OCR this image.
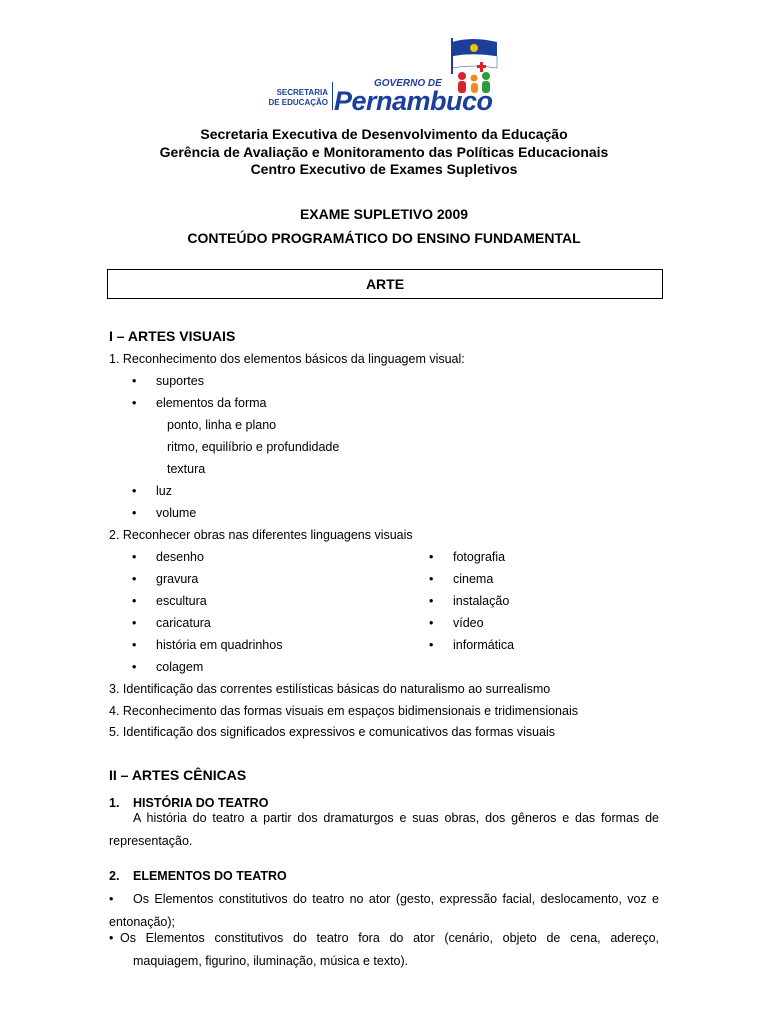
SECRETARIA
DE EDUCAÇÃO
GOVERNO DE
Pernambuco
Secretaria Executiva de Desenvolvimento da Educação
Gerência de Avaliação e Monitoramento das Políticas Educacionais
Centro Executivo de Exames Supletivos
EXAME SUPLETIVO 2009
CONTEÚDO PROGRAMÁTICO DO ENSINO FUNDAMENTAL
ARTE
I – ARTES VISUAIS
1. Reconhecimento dos elementos básicos da linguagem visual:
• suportes
• elementos da forma
ponto, linha e plano
ritmo, equilíbrio e profundidade
textura
• luz
• volume
2. Reconhecer obras nas diferentes linguagens visuais
• desenho
• gravura
• escultura
• caricatura
• história em quadrinhos
• colagem
• fotografia
• cinema
• instalação
• vídeo
• informática
3. Identificação das correntes estilísticas básicas do naturalismo ao surrealismo
4. Reconhecimento das formas visuais em espaços bidimensionais e tridimensionais
5. Identificação dos significados expressivos e comunicativos das formas visuais
II – ARTES CÊNICAS
1. HISTÓRIA DO TEATRO
A história do teatro a partir dos dramaturgos e suas obras, dos gêneros e das formas de
representação.
2. ELEMENTOS DO TEATRO
• Os Elementos constitutivos do teatro no ator (gesto, expressão facial, deslocamento, voz e
entonação);
• Os Elementos constitutivos do teatro fora do ator (cenário, objeto de cena, adereço,
maquiagem, figurino, iluminação, música e texto).
